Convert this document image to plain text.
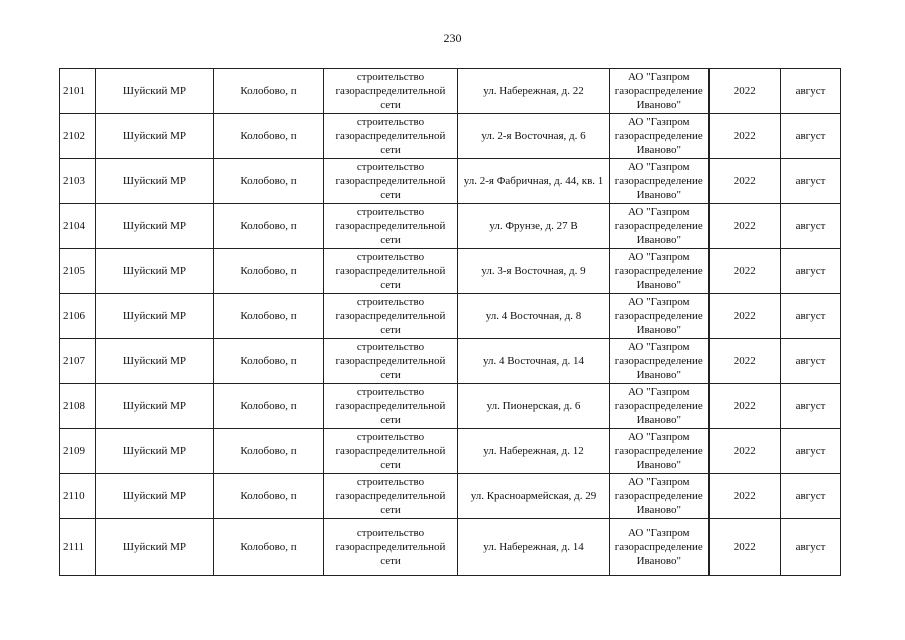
230
2101	Шуйский МР	Колобово, п	строительство газораспределительной сети	ул. Набережная, д. 22	АО "Газпром газораспределение Иваново"	2022	август
2102	Шуйский МР	Колобово, п	строительство газораспределительной сети	ул. 2-я Восточная, д. 6	АО "Газпром газораспределение Иваново"	2022	август
2103	Шуйский МР	Колобово, п	строительство газораспределительной сети	ул. 2-я Фабричная, д. 44, кв. 1	АО "Газпром газораспределение Иваново"	2022	август
2104	Шуйский МР	Колобово, п	строительство газораспределительной сети	ул. Фрунзе, д. 27 В	АО "Газпром газораспределение Иваново"	2022	август
2105	Шуйский МР	Колобово, п	строительство газораспределительной сети	ул. 3-я Восточная, д. 9	АО "Газпром газораспределение Иваново"	2022	август
2106	Шуйский МР	Колобово, п	строительство газораспределительной сети	ул. 4 Восточная, д. 8	АО "Газпром газораспределение Иваново"	2022	август
2107	Шуйский МР	Колобово, п	строительство газораспределительной сети	ул. 4 Восточная, д. 14	АО "Газпром газораспределение Иваново"	2022	август
2108	Шуйский МР	Колобово, п	строительство газораспределительной сети	ул. Пионерская, д. 6	АО "Газпром газораспределение Иваново"	2022	август
2109	Шуйский МР	Колобово, п	строительство газораспределительной сети	ул. Набережная, д. 12	АО "Газпром газораспределение Иваново"	2022	август
2110	Шуйский МР	Колобово, п	строительство газораспределительной сети	ул. Красноармейская, д. 29	АО "Газпром газораспределение Иваново"	2022	август
2111	Шуйский МР	Колобово, п	строительство газораспределительной сети	ул. Набережная, д. 14	АО "Газпром газораспределение Иваново"	2022	август
